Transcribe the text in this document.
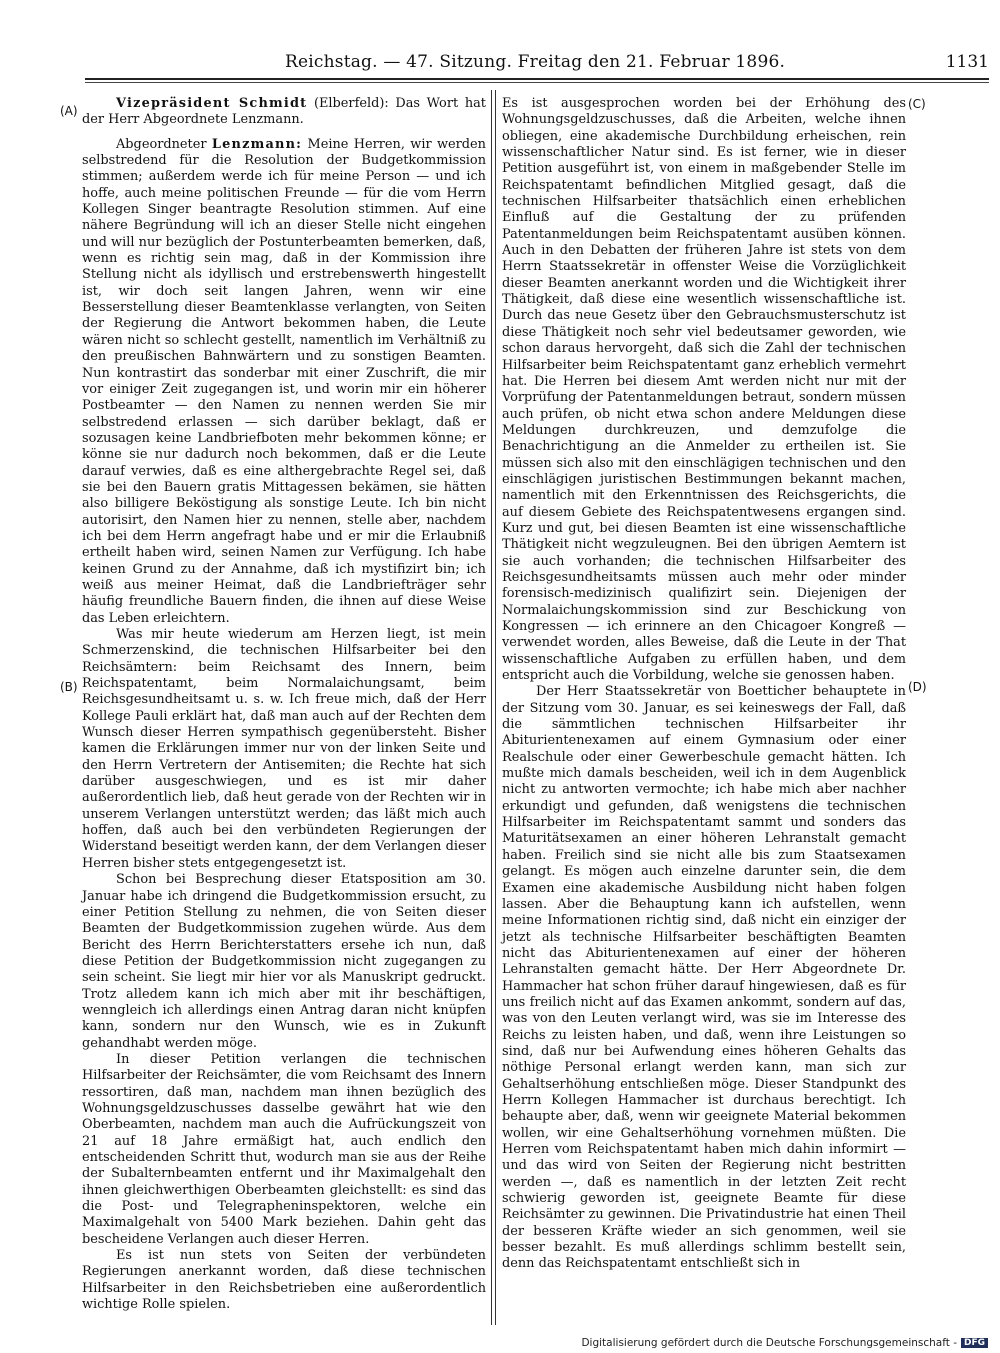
Reichstag. — 47. Sitzung. Freitag den 21. Februar 1896.	1131
(A)
(B)
(C)
(D)

Vizepräsident Schmidt (Elberfeld): Das Wort hat der Herr Abgeordnete Lenzmann.

Abgeordneter Lenzmann: Meine Herren, wir werden selbstredend für die Resolution der Budgetkommission stimmen; außerdem werde ich für meine Person — und ich hoffe, auch meine politischen Freunde — für die vom Herrn Kollegen Singer beantragte Resolution stimmen. Auf eine nähere Begründung will ich an dieser Stelle nicht eingehen und will nur bezüglich der Postunterbeamten bemerken, daß, wenn es richtig sein mag, daß in der Kommission ihre Stellung nicht als idyllisch und erstrebenswerth hingestellt ist, wir doch seit langen Jahren, wenn wir eine Besserstellung dieser Beamtenklasse verlangten, von Seiten der Regierung die Antwort bekommen haben, die Leute wären nicht so schlecht gestellt, namentlich im Verhältniß zu den preußischen Bahnwärtern und zu sonstigen Beamten. Nun kontrastirt das sonderbar mit einer Zuschrift, die mir vor einiger Zeit zugegangen ist, und worin mir ein höherer Postbeamter — den Namen zu nennen werden Sie mir selbstredend erlassen — sich darüber beklagt, daß er sozusagen keine Landbriefboten mehr bekommen könne; er könne sie nur dadurch noch bekommen, daß er die Leute darauf verwies, daß es eine althergebrachte Regel sei, daß sie bei den Bauern gratis Mittagessen bekämen, sie hätten also billigere Beköstigung als sonstige Leute. Ich bin nicht autorisirt, den Namen hier zu nennen, stelle aber, nachdem ich bei dem Herrn angefragt habe und er mir die Erlaubniß ertheilt haben wird, seinen Namen zur Verfügung. Ich habe keinen Grund zu der Annahme, daß ich mystifizirt bin; ich weiß aus meiner Heimat, daß die Landbriefträger sehr häufig freundliche Bauern finden, die ihnen auf diese Weise das Leben erleichtern.

Was mir heute wiederum am Herzen liegt, ist mein Schmerzenskind, die technischen Hilfsarbeiter bei den Reichsämtern: beim Reichsamt des Innern, beim Reichspatentamt, beim Normalaichungsamt, beim Reichsgesundheitsamt u. s. w. Ich freue mich, daß der Herr Kollege Pauli erklärt hat, daß man auch auf der Rechten dem Wunsch dieser Herren sympathisch gegenübersteht. Bisher kamen die Erklärungen immer nur von der linken Seite und den Herrn Vertretern der Antisemiten; die Rechte hat sich darüber ausgeschwiegen, und es ist mir daher außerordentlich lieb, daß heut gerade von der Rechten wir in unserem Verlangen unterstützt werden; das läßt mich auch hoffen, daß auch bei den verbündeten Regierungen der Widerstand beseitigt werden kann, der dem Verlangen dieser Herren bisher stets entgegengesetzt ist.

Schon bei Besprechung dieser Etatsposition am 30. Januar habe ich dringend die Budgetkommission ersucht, zu einer Petition Stellung zu nehmen, die von Seiten dieser Beamten der Budgetkommission zugehen würde. Aus dem Bericht des Herrn Berichterstatters ersehe ich nun, daß diese Petition der Budgetkommission nicht zugegangen zu sein scheint. Sie liegt mir hier vor als Manuskript gedruckt. Trotz alledem kann ich mich aber mit ihr beschäftigen, wenngleich ich allerdings einen Antrag daran nicht knüpfen kann, sondern nur den Wunsch, wie es in Zukunft gehandhabt werden möge.

In dieser Petition verlangen die technischen Hilfsarbeiter der Reichsämter, die vom Reichsamt des Innern ressortiren, daß man, nachdem man ihnen bezüglich des Wohnungsgeldzuschusses dasselbe gewährt hat wie den Oberbeamten, nachdem man auch die Aufrückungszeit von 21 auf 18 Jahre ermäßigt hat, auch endlich den entscheidenden Schritt thut, wodurch man sie aus der Reihe der Subalternbeamten entfernt und ihr Maximalgehalt den ihnen gleichwerthigen Oberbeamten gleichstellt: es sind das die Post- und Telegrapheninspektoren, welche ein Maximalgehalt von 5400 Mark beziehen. Dahin geht das bescheidene Verlangen auch dieser Herren.

Es ist nun stets von Seiten der verbündeten Regierungen anerkannt worden, daß diese technischen Hilfsarbeiter in den Reichsbetrieben eine außerordentlich wichtige Rolle spielen.

Es ist ausgesprochen worden bei der Erhöhung des Wohnungsgeldzuschusses, daß die Arbeiten, welche ihnen obliegen, eine akademische Durchbildung erheischen, rein wissenschaftlicher Natur sind. Es ist ferner, wie in dieser Petition ausgeführt ist, von einem in maßgebender Stelle im Reichspatentamt befindlichen Mitglied gesagt, daß die technischen Hilfsarbeiter thatsächlich einen erheblichen Einfluß auf die Gestaltung der zu prüfenden Patentanmeldungen beim Reichspatentamt ausüben können. Auch in den Debatten der früheren Jahre ist stets von dem Herrn Staatssekretär in offenster Weise die Vorzüglichkeit dieser Beamten anerkannt worden und die Wichtigkeit ihrer Thätigkeit, daß diese eine wesentlich wissenschaftliche ist. Durch das neue Gesetz über den Gebrauchsmusterschutz ist diese Thätigkeit noch sehr viel bedeutsamer geworden, wie schon daraus hervorgeht, daß sich die Zahl der technischen Hilfsarbeiter beim Reichspatentamt ganz erheblich vermehrt hat. Die Herren bei diesem Amt werden nicht nur mit der Vorprüfung der Patentanmeldungen betraut, sondern müssen auch prüfen, ob nicht etwa schon andere Meldungen diese Meldungen durchkreuzen, und demzufolge die Benachrichtigung an die Anmelder zu ertheilen ist. Sie müssen sich also mit den einschlägigen technischen und den einschlägigen juristischen Bestimmungen bekannt machen, namentlich mit den Erkenntnissen des Reichsgerichts, die auf diesem Gebiete des Reichspatentwesens ergangen sind. Kurz und gut, bei diesen Beamten ist eine wissenschaftliche Thätigkeit nicht wegzuleugnen. Bei den übrigen Aemtern ist sie auch vorhanden; die technischen Hilfsarbeiter des Reichsgesundheitsamts müssen auch mehr oder minder forensisch-medizinisch qualifizirt sein. Diejenigen der Normalaichungskommission sind zur Beschickung von Kongressen — ich erinnere an den Chicagoer Kongreß — verwendet worden, alles Beweise, daß die Leute in der That wissenschaftliche Aufgaben zu erfüllen haben, und dem entspricht auch die Vorbildung, welche sie genossen haben.

Der Herr Staatssekretär von Boetticher behauptete in der Sitzung vom 30. Januar, es sei keineswegs der Fall, daß die sämmtlichen technischen Hilfsarbeiter ihr Abiturientenexamen auf einem Gymnasium oder einer Realschule oder einer Gewerbeschule gemacht hätten. Ich mußte mich damals bescheiden, weil ich in dem Augenblick nicht zu antworten vermochte; ich habe mich aber nachher erkundigt und gefunden, daß wenigstens die technischen Hilfsarbeiter im Reichspatentamt sammt und sonders das Maturitätsexamen an einer höheren Lehranstalt gemacht haben. Freilich sind sie nicht alle bis zum Staatsexamen gelangt. Es mögen auch einzelne darunter sein, die dem Examen eine akademische Ausbildung nicht haben folgen lassen. Aber die Behauptung kann ich aufstellen, wenn meine Informationen richtig sind, daß nicht ein einziger der jetzt als technische Hilfsarbeiter beschäftigten Beamten nicht das Abiturientenexamen auf einer der höheren Lehranstalten gemacht hätte. Der Herr Abgeordnete Dr. Hammacher hat schon früher darauf hingewiesen, daß es für uns freilich nicht auf das Examen ankommt, sondern auf das, was von den Leuten verlangt wird, was sie im Interesse des Reichs zu leisten haben, und daß, wenn ihre Leistungen so sind, daß nur bei Aufwendung eines höheren Gehalts das nöthige Personal erlangt werden kann, man sich zur Gehaltserhöhung entschließen möge. Dieser Standpunkt des Herrn Kollegen Hammacher ist durchaus berechtigt. Ich behaupte aber, daß, wenn wir geeignete Material bekommen wollen, wir eine Gehaltserhöhung vornehmen müßten. Die Herren vom Reichspatentamt haben mich dahin informirt — und das wird von Seiten der Regierung nicht bestritten werden —, daß es namentlich in der letzten Zeit recht schwierig geworden ist, geeignete Beamte für diese Reichsämter zu gewinnen. Die Privatindustrie hat einen Theil der besseren Kräfte wieder an sich genommen, weil sie besser bezahlt. Es muß allerdings schlimm bestellt sein, denn das Reichspatentamt entschließt sich in

Digitalisierung gefördert durch die Deutsche Forschungsgemeinschaft - DFG
